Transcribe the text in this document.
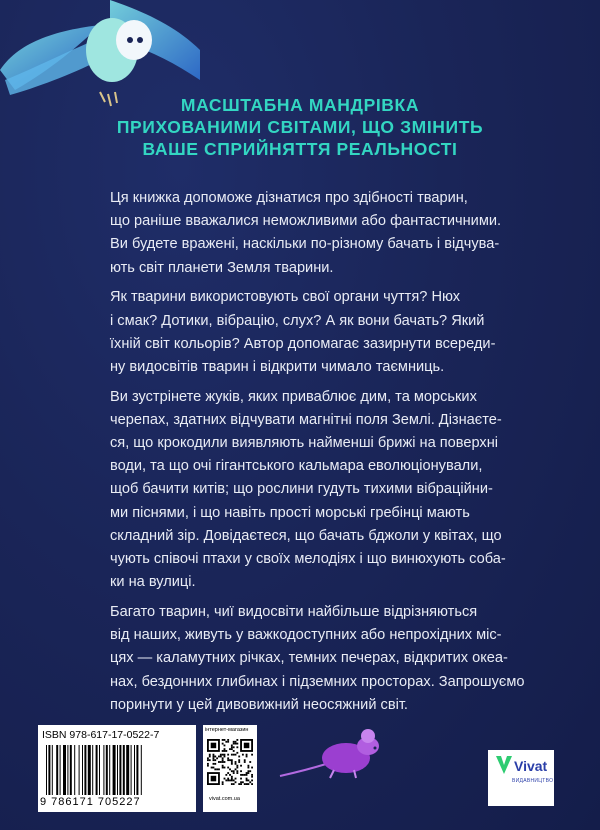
МАСШТАБНА МАНДРІВКА
ПРИХОВАНИМИ СВІТАМИ, ЩО ЗМІНИТЬ
ВАШЕ СПРИЙНЯТТЯ РЕАЛЬНОСТІ
Ця книжка допоможе дізнатися про здібності тварин,
що раніше вважалися неможливими або фантастичними.
Ви будете вражені, наскільки по-різному бачать і відчува-
ють світ планети Земля тварини.
Як тварини використовують свої органи чуття? Нюх
і смак? Дотики, вібрацію, слух? А як вони бачать? Який
їхній світ кольорів? Автор допомагає зазирнути всереди-
ну видосвітів тварин і відкрити чимало таємниць.
Ви зустрінете жуків, яких приваблює дим, та морських
черепах, здатних відчувати магнітні поля Землі. Дізнаєте-
ся, що крокодили виявляють найменші брижі на поверхні
води, та що очі гігантського кальмара еволюціонували,
щоб бачити китів; що рослини гудуть тихими вібраційни-
ми піснями, і що навіть прості морські гребінці мають
складний зір. Довідаєтеся, що бачать бджоли у квітах, що
чують співочі птахи у своїх мелодіях і що винюхують соба-
ки на вулиці.
Багато тварин, чиї видосвіти найбільше відрізняються
від наших, живуть у важкодоступних або непрохідних міс-
цях — каламутних річках, темних печерах, відкритих океа-
нах, бездонних глибинах і підземних просторах. Запрошуємо
поринути у цей дивовижний неосяжний світ.
ISBN 978-617-17-0522-7
9 786171 705227
інтернет-магазин
vivat.com.ua
Vivat
ВИДАВНИЦТВО
